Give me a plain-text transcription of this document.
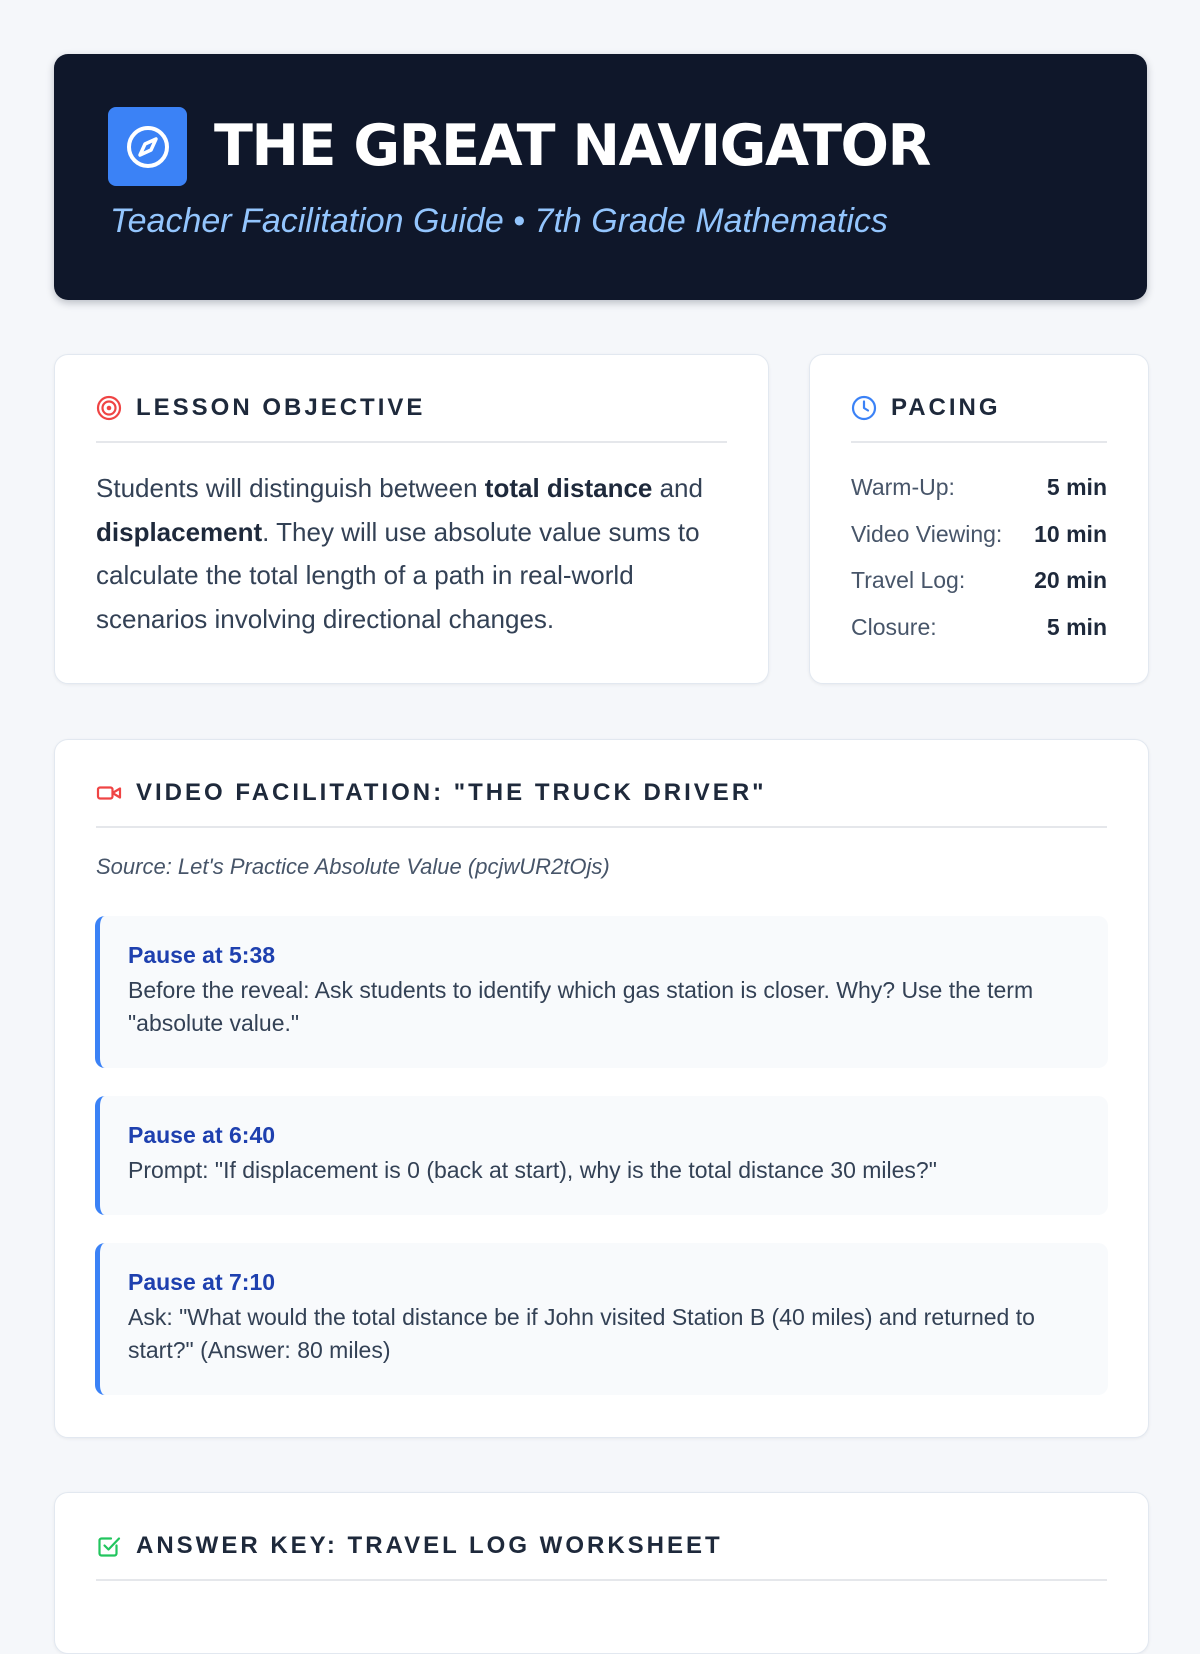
THE GREAT NAVIGATOR

Teacher Facilitation Guide • 7th Grade Mathematics

LESSON OBJECTIVE

Students will distinguish between total distance and displacement. They will use absolute value sums to calculate the total length of a path in real-world scenarios involving directional changes.

PACING
Warm-Up:	5 min
Video Viewing: 10 min
Travel Log:	20 min
Closure:	5 min
VIDEO FACILITATION: "THE TRUCK DRIVER"

Source: Let's Practice Absolute Value (pcjwUR2tOjs)

Pause at 5:38

Before the reveal: Ask students to identify which gas station is closer. Why? Use the term "absolute value."

Pause at 6:40

Prompt: "If displacement is 0 (back at start), why is the total distance 30 miles?"

Pause at 7:10

Ask: "What would the total distance be if John visited Station B (40 miles) and returned to start?" (Answer: 80 miles)

ANSWER KEY: TRAVEL LOG WORKSHEET
